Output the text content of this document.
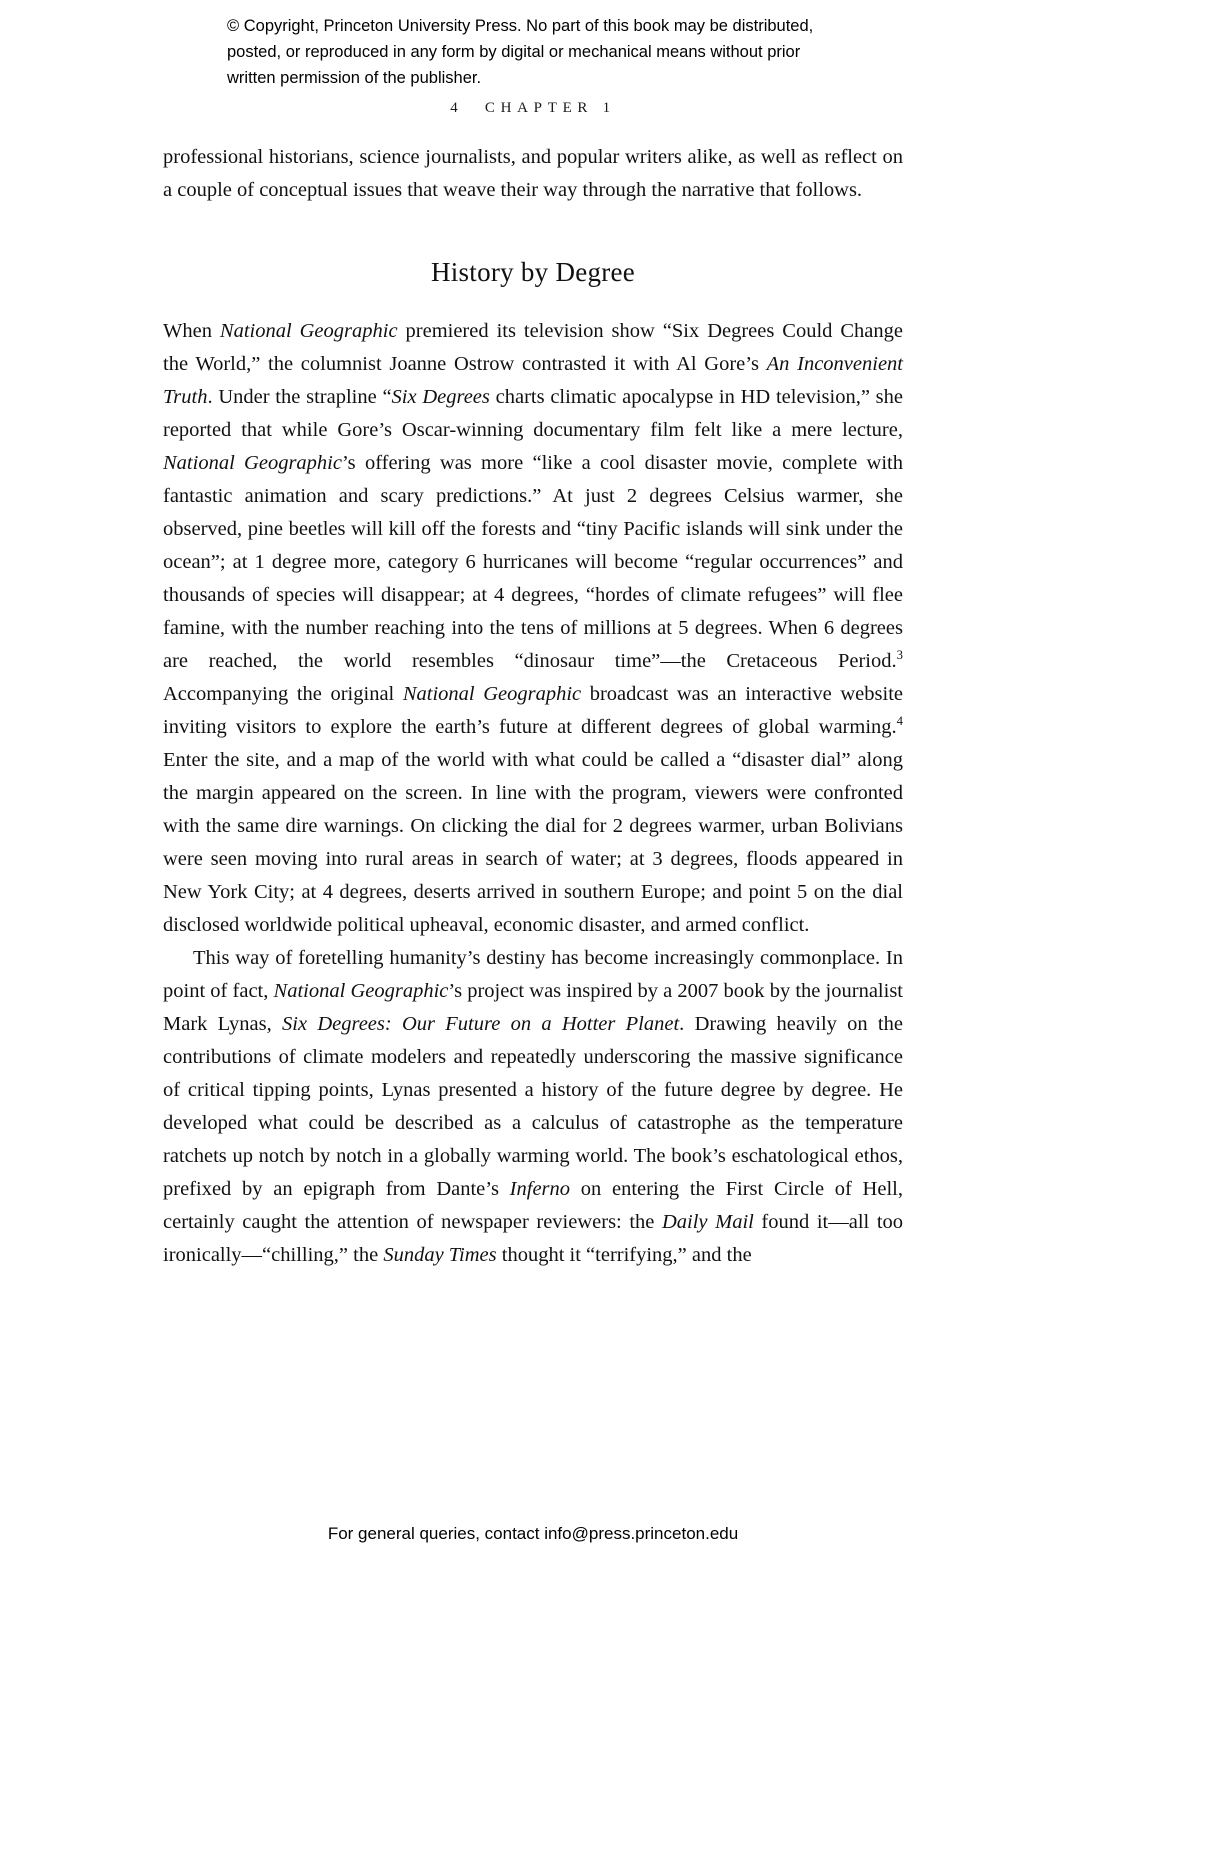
© Copyright, Princeton University Press. No part of this book may be distributed, posted, or reproduced in any form by digital or mechanical means without prior written permission of the publisher.
4 CHAPTER 1

professional historians, science journalists, and popular writers alike, as well as reflect on a couple of conceptual issues that weave their way through the narrative that follows.

History by Degree

When National Geographic premiered its television show “Six Degrees Could Change the World,” the columnist Joanne Ostrow contrasted it with Al Gore’s An Inconvenient Truth. Under the strapline “Six Degrees charts climatic apocalypse in HD television,” she reported that while Gore’s Oscar-winning documentary film felt like a mere lecture, National Geographic’s offering was more “like a cool disaster movie, complete with fantastic animation and scary predictions.” At just 2 degrees Celsius warmer, she observed, pine beetles will kill off the forests and “tiny Pacific islands will sink under the ocean”; at 1 degree more, category 6 hurricanes will become “regular occurrences” and thousands of species will disappear; at 4 degrees, “hordes of climate refugees” will flee famine, with the number reaching into the tens of millions at 5 degrees. When 6 degrees are reached, the world resembles “dinosaur time”—the Cretaceous Period.$^3$ Accompanying the original National Geographic broadcast was an interactive website inviting visitors to explore the earth’s future at different degrees of global warming.$^4$ Enter the site, and a map of the world with what could be called a “disaster dial” along the margin appeared on the screen. In line with the program, viewers were confronted with the same dire warnings. On clicking the dial for 2 degrees warmer, urban Bolivians were seen moving into rural areas in search of water; at 3 degrees, floods appeared in New York City; at 4 degrees, deserts arrived in southern Europe; and point 5 on the dial disclosed worldwide political upheaval, economic disaster, and armed conflict.

This way of foretelling humanity’s destiny has become increasingly commonplace. In point of fact, National Geographic’s project was inspired by a 2007 book by the journalist Mark Lynas, Six Degrees: Our Future on a Hotter Planet. Drawing heavily on the contributions of climate modelers and repeatedly underscoring the massive significance of critical tipping points, Lynas presented a history of the future degree by degree. He developed what could be described as a calculus of catastrophe as the temperature ratchets up notch by notch in a globally warming world. The book’s eschatological ethos, prefixed by an epigraph from Dante’s Inferno on entering the First Circle of Hell, certainly caught the attention of newspaper reviewers: the Daily Mail found it—all too ironically—“chilling,” the Sunday Times thought it “terrifying,” and the

For general queries, contact info@press.princeton.edu
